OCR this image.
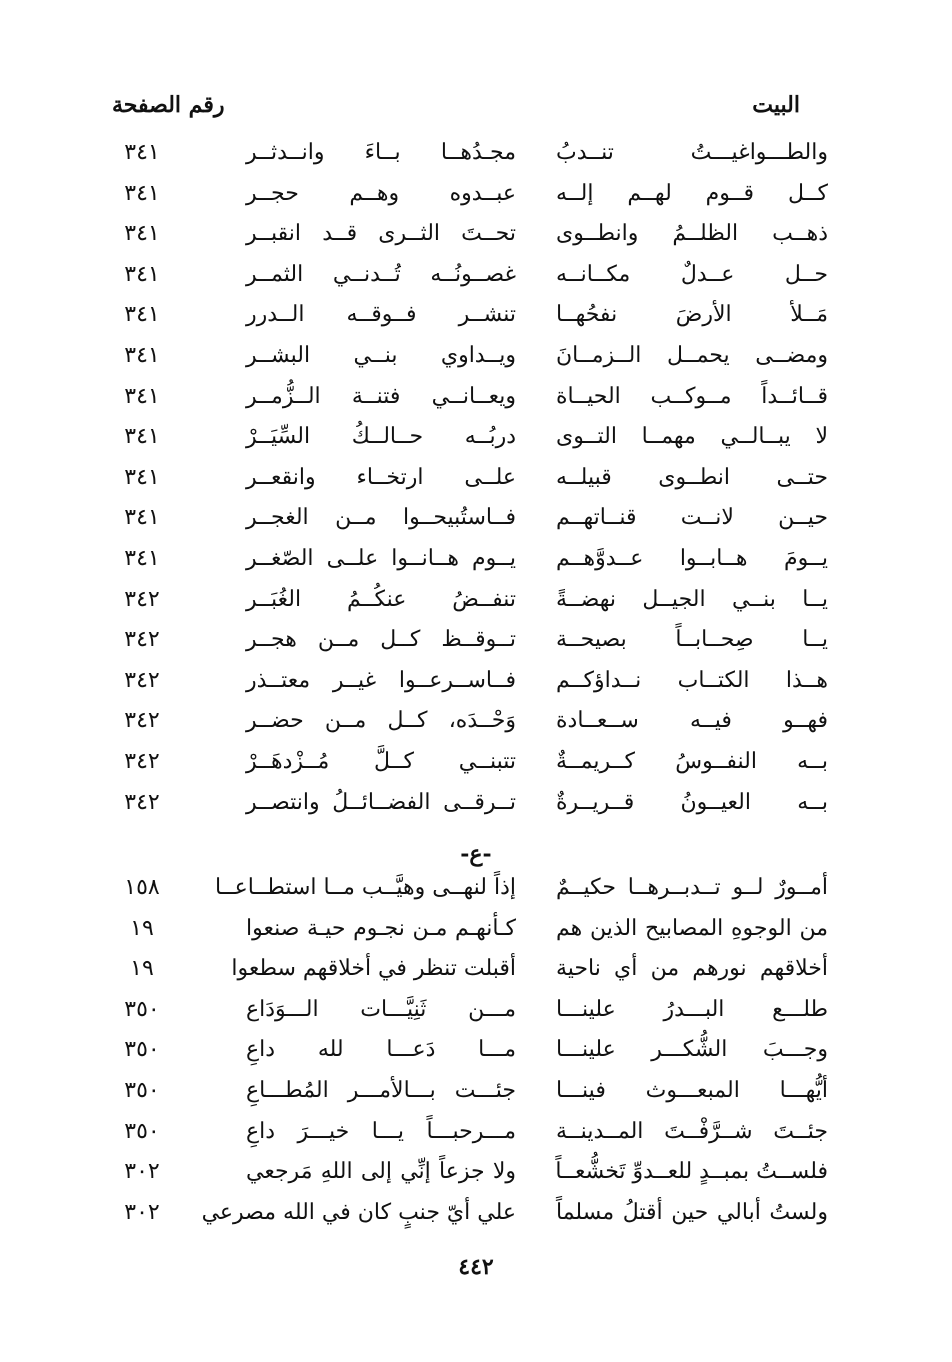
البيت
رقم الصفحة
والطـــواغيـــتُ تنــدبُ
مجـدُهــا بــاءَ وانــدثــر
٣٤١
كــل قــوم لهــم إلــه
عبــدوه وهــم حجــر
٣٤١
ذهــب الظلــمُ وانطــوى
تحــتَ الثــرى قــد انقبــر
٣٤١
حــل عــدلٌ مكــانــه
غصــونُــه تُــدنــي الثمــر
٣٤١
مَــلأ الأرضَ نفحُهــا
تنشــر فــوقــه الــدرر
٣٤١
ومضــى يحمــل الــزمــانَ
ويــداوي بنــي البشــر
٣٤١
قــائــداً مــوكــب الحيــاة
ويعــانــي فتنــة الــزُّمــر
٣٤١
لا يبــالــي مهمــا التــوى
دربُــه حــالــكُ السِّيَــرْ
٣٤١
حتــى انطــوى قبيلــه
علــى ارتخــاء وانقعــر
٣٤١
حيــن لانــت قنــاتهــم
فــاستُبيحــوا مــن الغجــر
٣٤١
يــومَ هــابــوا عــدوَّهــم
يــوم هــانــوا علــى الصّغــر
٣٤١
يــا بنــي الجيــل نهضــةً
تنفــضُ عنكُــمُ الغُبَــر
٣٤٢
يــا صِحــابــاً بصيحــة
تــوقــظ كــل مــن هجــر
٣٤٢
هــذا الكتــاب نــداؤكــم
فــاســرعــوا غيــر معتــذر
٣٤٢
فهــو فيــه ســعــادة
وَحْــدَه، كــل مــن حضــر
٣٤٢
بــه النفــوسُ كــريمــةٌ
تتبنــي كــلَّ مُــزْدهَــرْ
٣٤٢
بــه العيــونُ قــريــرةٌ
تــرقــى الفضــائــلُ وانتصــر
٣٤٢
-ع-
أمــورٌ لــو تــدبــرهــا حكيــمٌ
إذاً لنهــى وهيَّــب مــا استطــاعــا
١٥٨
من الوجوهِ المصابيح الذين هم
كـأنهـم مـن نجـوم حيـة صنعوا
١٩
أخلاقهم نورهم من أي ناحية
أقبلت تنظر في أخلاقهم سطعوا
١٩
طلـــع البـــدرُ علينـــا
مـــن ثَنِيَّـــات الـــوَدَاع
٣٥٠
وجـــبَ الشُّكـــر علينـــا
مـــا دَعـــا لله داعِ
٣٥٠
أيُّهـــا المبعـــوث فينـــا
جئـــت بـــالأمـــر المُطـــاعِ
٣٥٠
جئــتَ شــرَّفْــتَ المــدينــة
مـــرحبـــاً يـــا خيـــرَ داعِ
٣٥٠
فلســتُ بمبــدٍ للعــدوِّ تَخشُّعــاً
ولا جزعاً إنِّي إلى اللهِ مَرجعي
٣٠٢
ولستُ أبالي حين أقتلُ مسلماً
علي أيّ جنبٍ كان في الله مصرعي
٣٠٢
٤٤٢
